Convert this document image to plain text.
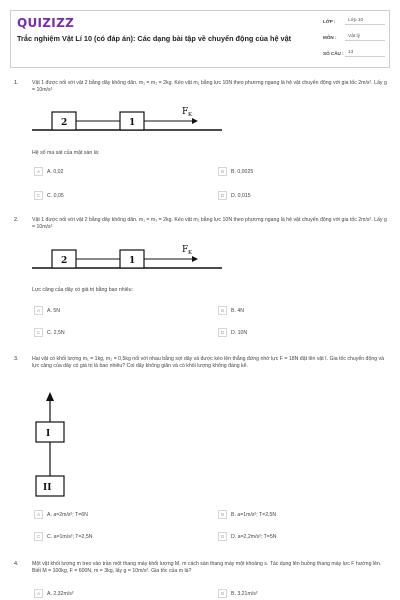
QUIZIZZ
Trắc nghiệm Vật Lí 10 (có đáp án): Các dạng bài tập về chuyển động của hệ vật
LỚP :	Lớp 10
MÔN :	Vật lý
SỐ CÂU : 13
1.	Vật 1 được nối với vật 2 bằng dây không dãn. m₁ = m₂ = 2kg. Kéo vật m₁ bằng lực 10N theo phương ngang là hệ vật chuyển động với gia tốc 2m/s². Lấy g = 10m/s²
2	1
F K
Hệ số ma sát của mặt sàn là:
A	A. 0,02	B	B. 0,0025
C	C. 0,05	D	D. 0,015
2.	Vật 1 được nối với vật 2 bằng dây không dãn. m₁ = m₂ = 2kg. Kéo vật m₁ bằng lực 10N theo phương ngang là hệ vật chuyển động với gia tốc 2m/s². Lấy g = 10m/s²
2	1
F K
Lực căng của dây có giá trị bằng bao nhiêu:
A	A. 5N	B	B. 4N
C	C. 2,5N	D	D. 10N
3.	Hai vật có khối lượng m₁ = 1kg, m₂ = 0,5kg nối với nhau bằng sợi dây và được kéo lên thẳng đứng nhờ lực F = 18N đặt lên vật I. Gia tốc chuyển động và lực căng của dây có giá trị là bao nhiêu? Coi dây không giãn và có khối lượng không đáng kể.
I
II
A	A. a=2m/s²; T=6N	B	B. a=1m/s²; T=2,5N
C	C. a=1m/s²; T=2,5N	D	D. a=2,2m/s²; T=5N
4.	Một vật khối lượng m treo vào trần một thang máy khối lượng M, m cách sàn thang máy một khoảng s. Tác dụng lên buồng thang máy lực F hướng lên. Biết M = 100kg, F = 600N, m = 3kg, lấy g = 10m/s². Gia tốc của m là?
A	A. 2,32m/s²	B	B. 3,21m/s²
